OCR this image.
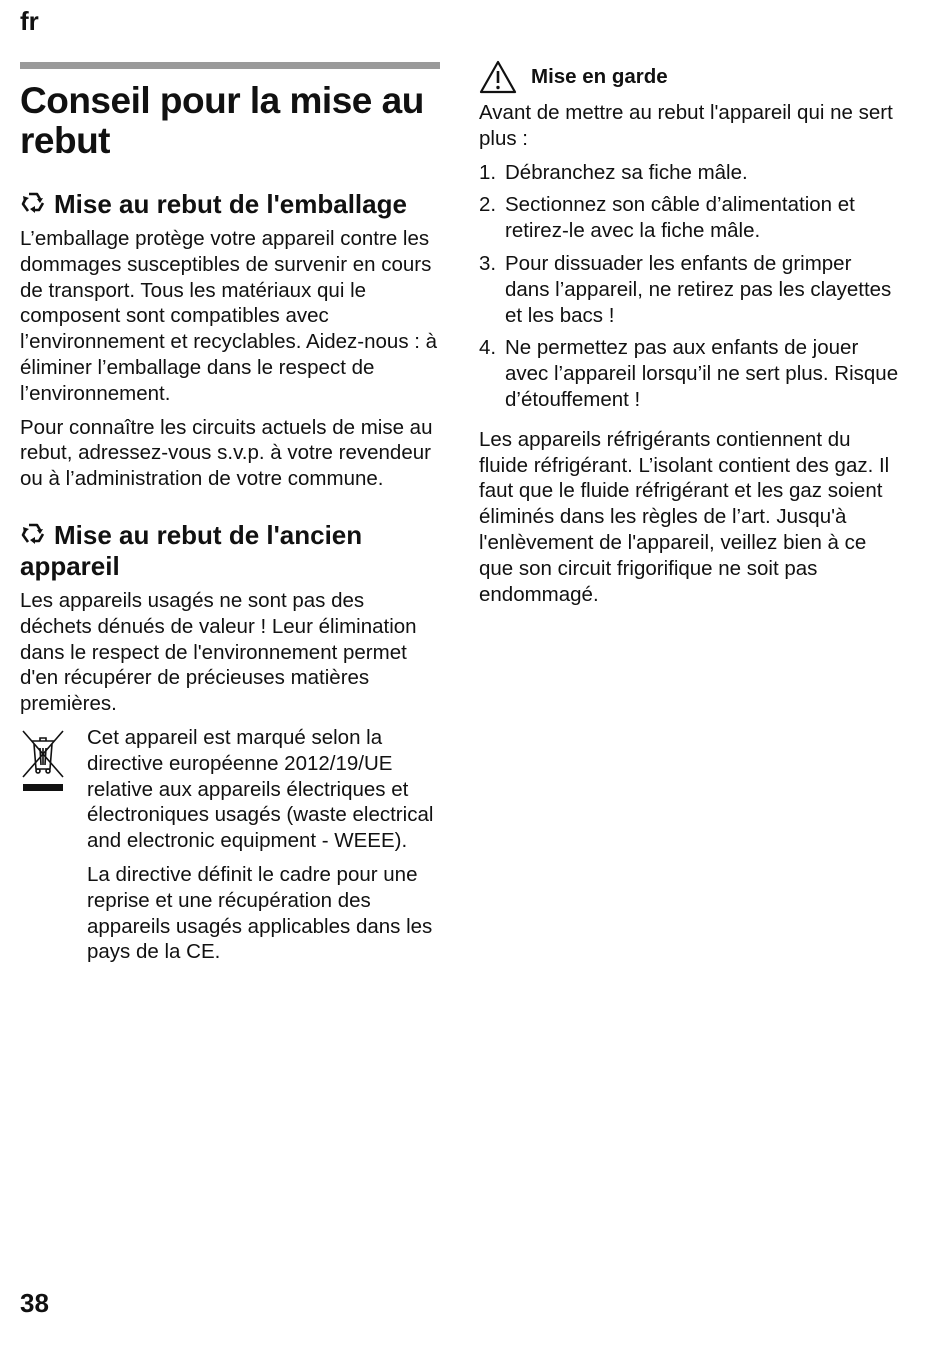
fr
Conseil pour la mise au rebut
Mise au rebut de l'emballage

L’emballage protège votre appareil contre les dommages susceptibles de survenir en cours de transport. Tous les matériaux qui le composent sont compatibles avec l’environnement et recyclables. Aidez-nous : à éliminer l’emballage dans le respect de l’environnement.

Pour connaître les circuits actuels de mise au rebut, adressez-vous s.v.p. à votre revendeur ou à l’administration de votre commune.

Mise au rebut de l'ancien appareil

Les appareils usagés ne sont pas des déchets dénués de valeur ! Leur élimination dans le respect de l'environnement permet d'en récupérer de précieuses matières premières.

Cet appareil est marqué selon la directive européenne 2012/19/UE relative aux appareils électriques et électroniques usagés (waste electrical and electronic equipment - WEEE).

La directive définit le cadre pour une reprise et une récupération des appareils usagés applicables dans les pays de la CE.

Mise en garde

Avant de mettre au rebut l'appareil qui ne sert plus :

1. Débranchez sa fiche mâle.
2. Sectionnez son câble d’alimentation et retirez-le avec la fiche mâle.
3. Pour dissuader les enfants de grimper dans l’appareil, ne retirez pas les clayettes et les bacs !
4. Ne permettez pas aux enfants de jouer avec l’appareil lorsqu’il ne sert plus. Risque d’étouffement !

Les appareils réfrigérants contiennent du fluide réfrigérant. L’isolant contient des gaz. Il faut que le fluide réfrigérant et les gaz soient éliminés dans les règles de l’art. Jusqu'à l'enlèvement de l'appareil, veillez bien à ce que son circuit frigorifique ne soit pas endommagé.

38
